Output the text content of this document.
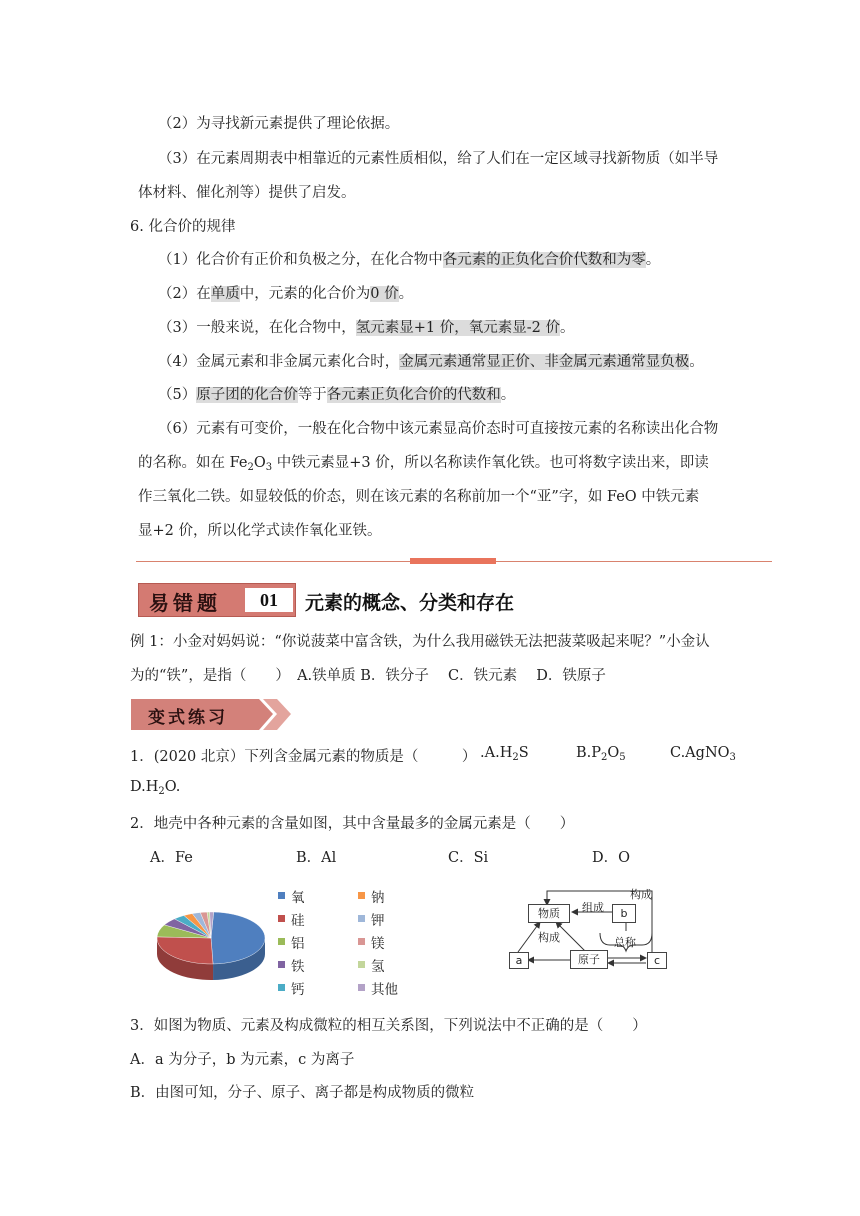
（2）为寻找新元素提供了理论依据。
（3）在元素周期表中相靠近的元素性质相似，给了人们在一定区域寻找新物质（如半导
体材料、催化剂等）提供了启发。
6. 化合价的规律
（1）化合价有正价和负极之分，在化合物中各元素的正负化合价代数和为零。
（2）在单质中，元素的化合价为0 价。
（3）一般来说，在化合物中，氢元素显+1 价，氧元素显-2 价。
（4）金属元素和非金属元素化合时，金属元素通常显正价、非金属元素通常显负极。
（5）原子团的化合价等于各元素正负化合价的代数和。
（6）元素有可变价，一般在化合物中该元素显高价态时可直接按元素的名称读出化合物
的名称。如在 $Fe_2O_3$ 中铁元素显+3 价，所以名称读作氧化铁。也可将数字读出来，即读
作三氧化二铁。如显较低的价态，则在该元素的名称前加一个“亚”字，如 FeO 中铁元素
显+2 价，所以化学式读作氧化亚铁。
易错题	01	元素的概念、分类和存在
例 1：小金对妈妈说：“你说菠菜中富含铁，为什么我用磁铁无法把菠菜吸起来呢？”小金认
为的“铁”，是指（　　）　A.铁单质 B．铁分子　 C．铁元素　 D．铁原子
变式练习
1．(2020 北京）下列含金属元素的物质是（　　　） $.A.H_2S$	$B.P_2O_5$	C.AgNO$_3$
$D.H_2O$.
2．地壳中各种元素的含量如图，其中含量最多的金属元素是（　　）
A．Fe	B．Al	C．Si	D．O
氧
硅
铝
铁
钙
钠
钾
镁
氢
其他
物质	b
a	原子	c
组成
构成
构成	总称
3．如图为物质、元素及构成微粒的相互关系图，下列说法中不正确的是（　　）
A．a 为分子，b 为元素，c 为离子
B．由图可知，分子、原子、离子都是构成物质的微粒
